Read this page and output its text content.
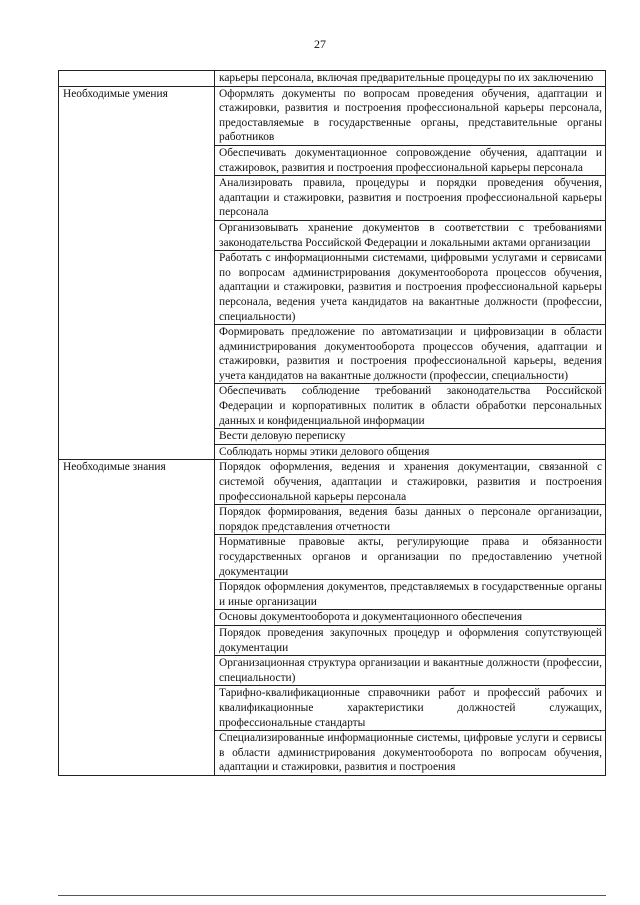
27

	карьеры персонала, включая предварительные процедуры по их заключению

Необходимые умения	Оформлять документы по вопросам проведения обучения, адаптации и стажировки, развития и построения профессиональной карьеры персонала, предоставляемые в государственные органы, представительные органы работников

	Обеспечивать документационное сопровождение обучения, адаптации и стажировок, развития и построения профессиональной карьеры персонала

	Анализировать правила, процедуры и порядки проведения обучения, адаптации и стажировки, развития и построения профессиональной карьеры персонала

	Организовывать хранение документов в соответствии с требованиями законодательства Российской Федерации и локальными актами организации

	Работать с информационными системами, цифровыми услугами и сервисами по вопросам администрирования документооборота процессов обучения, адаптации и стажировки, развития и построения профессиональной карьеры персонала, ведения учета кандидатов на вакантные должности (профессии, специальности)

	Формировать предложение по автоматизации и цифровизации в области администрирования документооборота процессов обучения, адаптации и стажировки, развития и построения профессиональной карьеры, ведения учета кандидатов на вакантные должности (профессии, специальности)

	Обеспечивать соблюдение требований законодательства Российской Федерации и корпоративных политик в области обработки персональных данных и конфиденциальной информации

	Вести деловую переписку

	Соблюдать нормы этики делового общения

Необходимые знания	Порядок оформления, ведения и хранения документации, связанной с системой обучения, адаптации и стажировки, развития и построения профессиональной карьеры персонала

	Порядок формирования, ведения базы данных о персонале организации, порядок представления отчетности

	Нормативные правовые акты, регулирующие права и обязанности государственных органов и организации по предоставлению учетной документации

	Порядок оформления документов, представляемых в государственные органы и иные организации

	Основы документооборота и документационного обеспечения

	Порядок проведения закупочных процедур и оформления сопутствующей документации

	Организационная структура организации и вакантные должности (профессии, специальности)

	Тарифно-квалификационные справочники работ и профессий рабочих и квалификационные характеристики должностей служащих, профессиональные стандарты

	Специализированные информационные системы, цифровые услуги и сервисы в области администрирования документооборота по вопросам обучения, адаптации и стажировки, развития и построения
